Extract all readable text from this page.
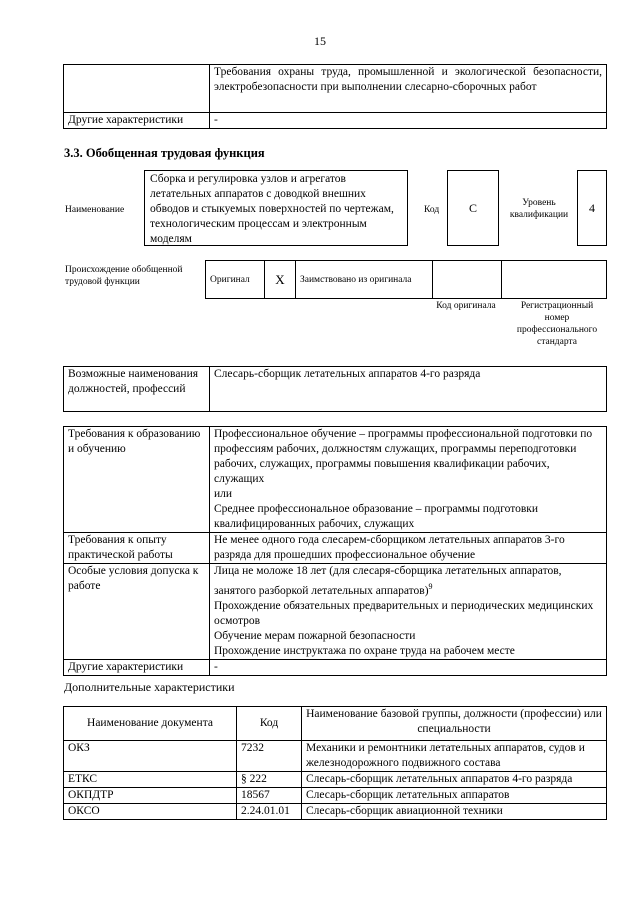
15
	Требования охраны труда, промышленной и экологической безопасности, электробезопасности при выполнении слесарно-сборочных работ
Другие характеристики	-
3.3. Обобщенная трудовая функция
Наименование
Сборка и регулировка узлов и агрегатов летательных аппаратов с доводкой внешних обводов и стыкуемых поверхностей по чертежам, технологическим процессам и электронным моделям
Код	C	Уровень квалификации	4
Происхождение обобщенной трудовой функции	Оригинал	X	Заимствовано из оригинала		
Код оригинала	Регистрационный номер профессионального стандарта
Возможные наименования должностей, профессий	Слесарь-сборщик летательных аппаратов 4-го разряда
Требования к образованию и обучению	Профессиональное обучение – программы профессиональной подготовки по профессиям рабочих, должностям служащих, программы переподготовки рабочих, служащих, программы повышения квалификации рабочих, служащих
или
Среднее профессиональное образование – программы подготовки квалифицированных рабочих, служащих

Требования к опыту практической работы	Не менее одного года слесарем-сборщиком летательных аппаратов 3-го разряда для прошедших профессиональное обучение
Особые условия допуска к работе	Лица не моложе 18 лет (для слесаря-сборщика летательных аппаратов, занятого разборкой летательных аппаратов)$^9$
Прохождение обязательных предварительных и периодических медицинских осмотров
Обучение мерам пожарной безопасности
Прохождение инструктажа по охране труда на рабочем месте

Другие характеристики	-
Дополнительные характеристики
Наименование документа	Код	Наименование базовой группы, должности (профессии) или специальности
ОКЗ	7232	Механики и ремонтники летательных аппаратов, судов и железнодорожного подвижного состава
ЕТКС	§ 222	Слесарь-сборщик летательных аппаратов 4-го разряда
ОКПДТР	18567	Слесарь-сборщик летательных аппаратов
ОКСО	2.24.01.01	Слесарь-сборщик авиационной техники
